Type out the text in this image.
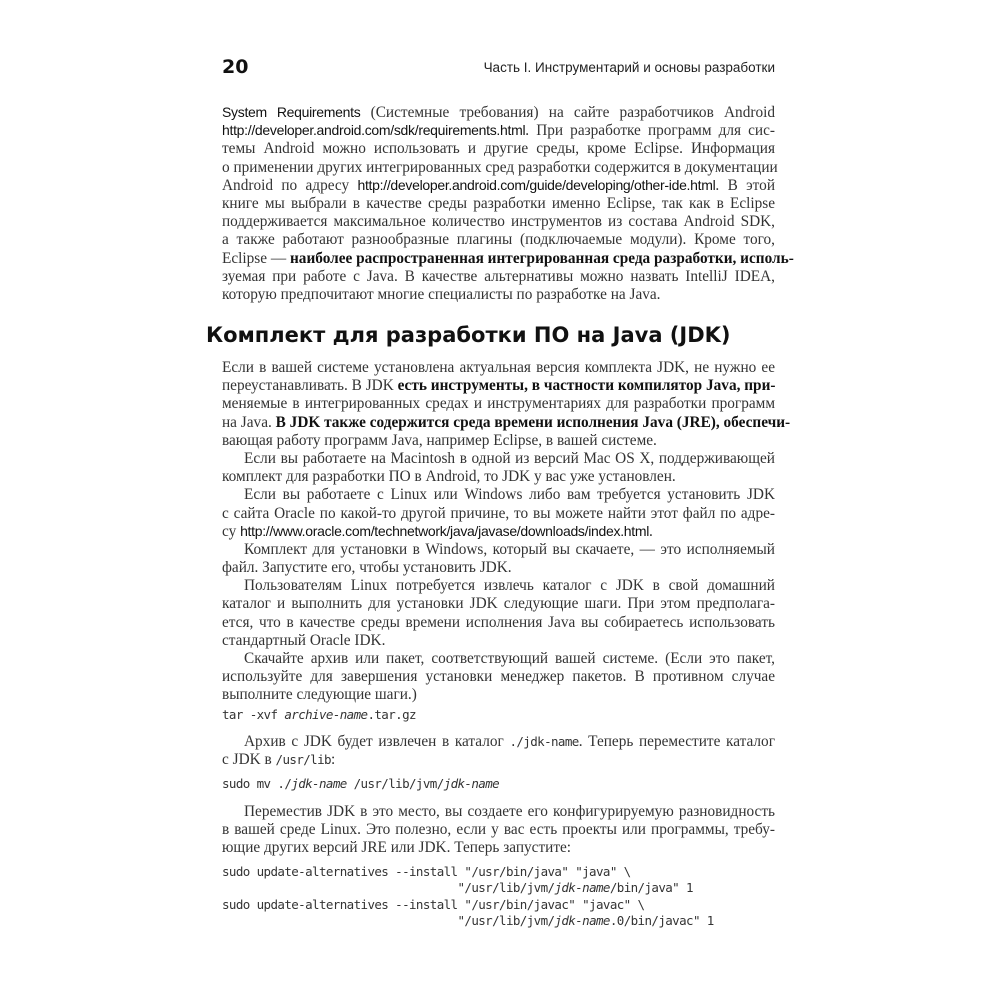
20	Часть I. Инструментарий и основы разработки
Комплект для разработки ПО на Java (JDK)
System Requirements (Системные требования) на сайте разработчиков Android
http://developer.android.com/sdk/requirements.html. При разработке программ для сис-
темы Android можно использовать и другие среды, кроме Eclipse. Информация
о применении других интегрированных сред разработки содержится в документации
Android по адресу http://developer.android.com/guide/developing/other-ide.html. В этой
книге мы выбрали в качестве среды разработки именно Eclipse, так как в Eclipse
поддерживается максимальное количество инструментов из состава Android SDK,
а также работают разнообразные плагины (подключаемые модули). Кроме того,
Eclipse — наиболее распространенная интегрированная среда разработки, исполь-
зуемая при работе с Java. В качестве альтернативы можно назвать IntelliJ IDEA,
которую предпочитают многие специалисты по разработке на Java.
Если в вашей системе установлена актуальная версия комплекта JDK, не нужно ее
переустанавливать. В JDK есть инструменты, в частности компилятор Java, при-
меняемые в интегрированных средах и инструментариях для разработки программ
на Java. В JDK также содержится среда времени исполнения Java (JRE), обеспечи-
вающая работу программ Java, например Eclipse, в вашей системе.
Если вы работаете на Macintosh в одной из версий Mac OS X, поддерживающей
комплект для разработки ПО в Android, то JDK у вас уже установлен.
Если вы работаете с Linux или Windows либо вам требуется установить JDK
с сайта Oracle по какой-то другой причине, то вы можете найти этот файл по адре-
су http://www.oracle.com/technetwork/java/javase/downloads/index.html.
Комплект для установки в Windows, который вы скачаете, — это исполняемый
файл. Запустите его, чтобы установить JDK.
Пользователям Linux потребуется извлечь каталог с JDK в свой домашний
каталог и выполнить для установки JDK следующие шаги. При этом предполага-
ется, что в качестве среды времени исполнения Java вы собираетесь использовать
стандартный Oracle IDK.
Скачайте архив или пакет, соответствующий вашей системе. (Если это пакет,
используйте для завершения установки менеджер пакетов. В противном случае
выполните следующие шаги.)
tar -xvf archive-name.tar.gz
Архив с JDK будет извлечен в каталог ./jdk-name. Теперь переместите каталог
с JDK в /usr/lib:
sudo mv ./jdk-name /usr/lib/jvm/jdk-name
Переместив JDK в это место, вы создаете его конфигурируемую разновидность
в вашей среде Linux. Это полезно, если у вас есть проекты или программы, требу-
ющие других версий JRE или JDK. Теперь запустите:
sudo update-alternatives --install "/usr/bin/java" "java" \
"/usr/lib/jvm/jdk-name/bin/java" 1
sudo update-alternatives --install "/usr/bin/javac" "javac" \
"/usr/lib/jvm/jdk-name.0/bin/javac" 1
